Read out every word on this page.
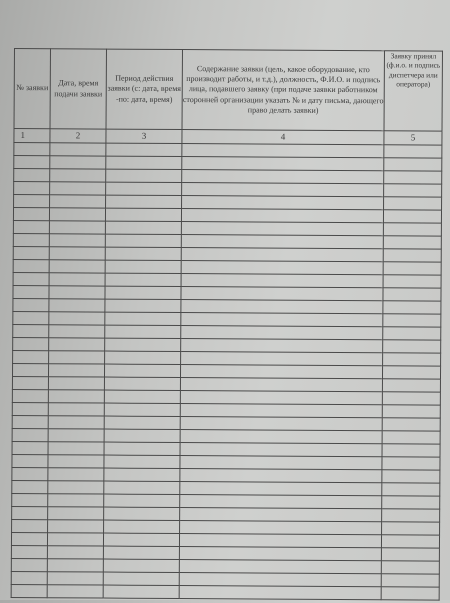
№ заявки	Дата, время подачи заявки	Период действия заявки (с: дата, время -по: дата, время)	Содержание заявки (цель, какое оборудование, кто производит работы, и т.д.), должность, Ф.И.О. и подпись лица, подавшего заявку (при подаче заявки работником сторонней организации указать № и дату письма, дающего право делать заявки)	Заявку принял (ф.и.о. и подпись диспетчера или оператора)
1	2	3	4	5
